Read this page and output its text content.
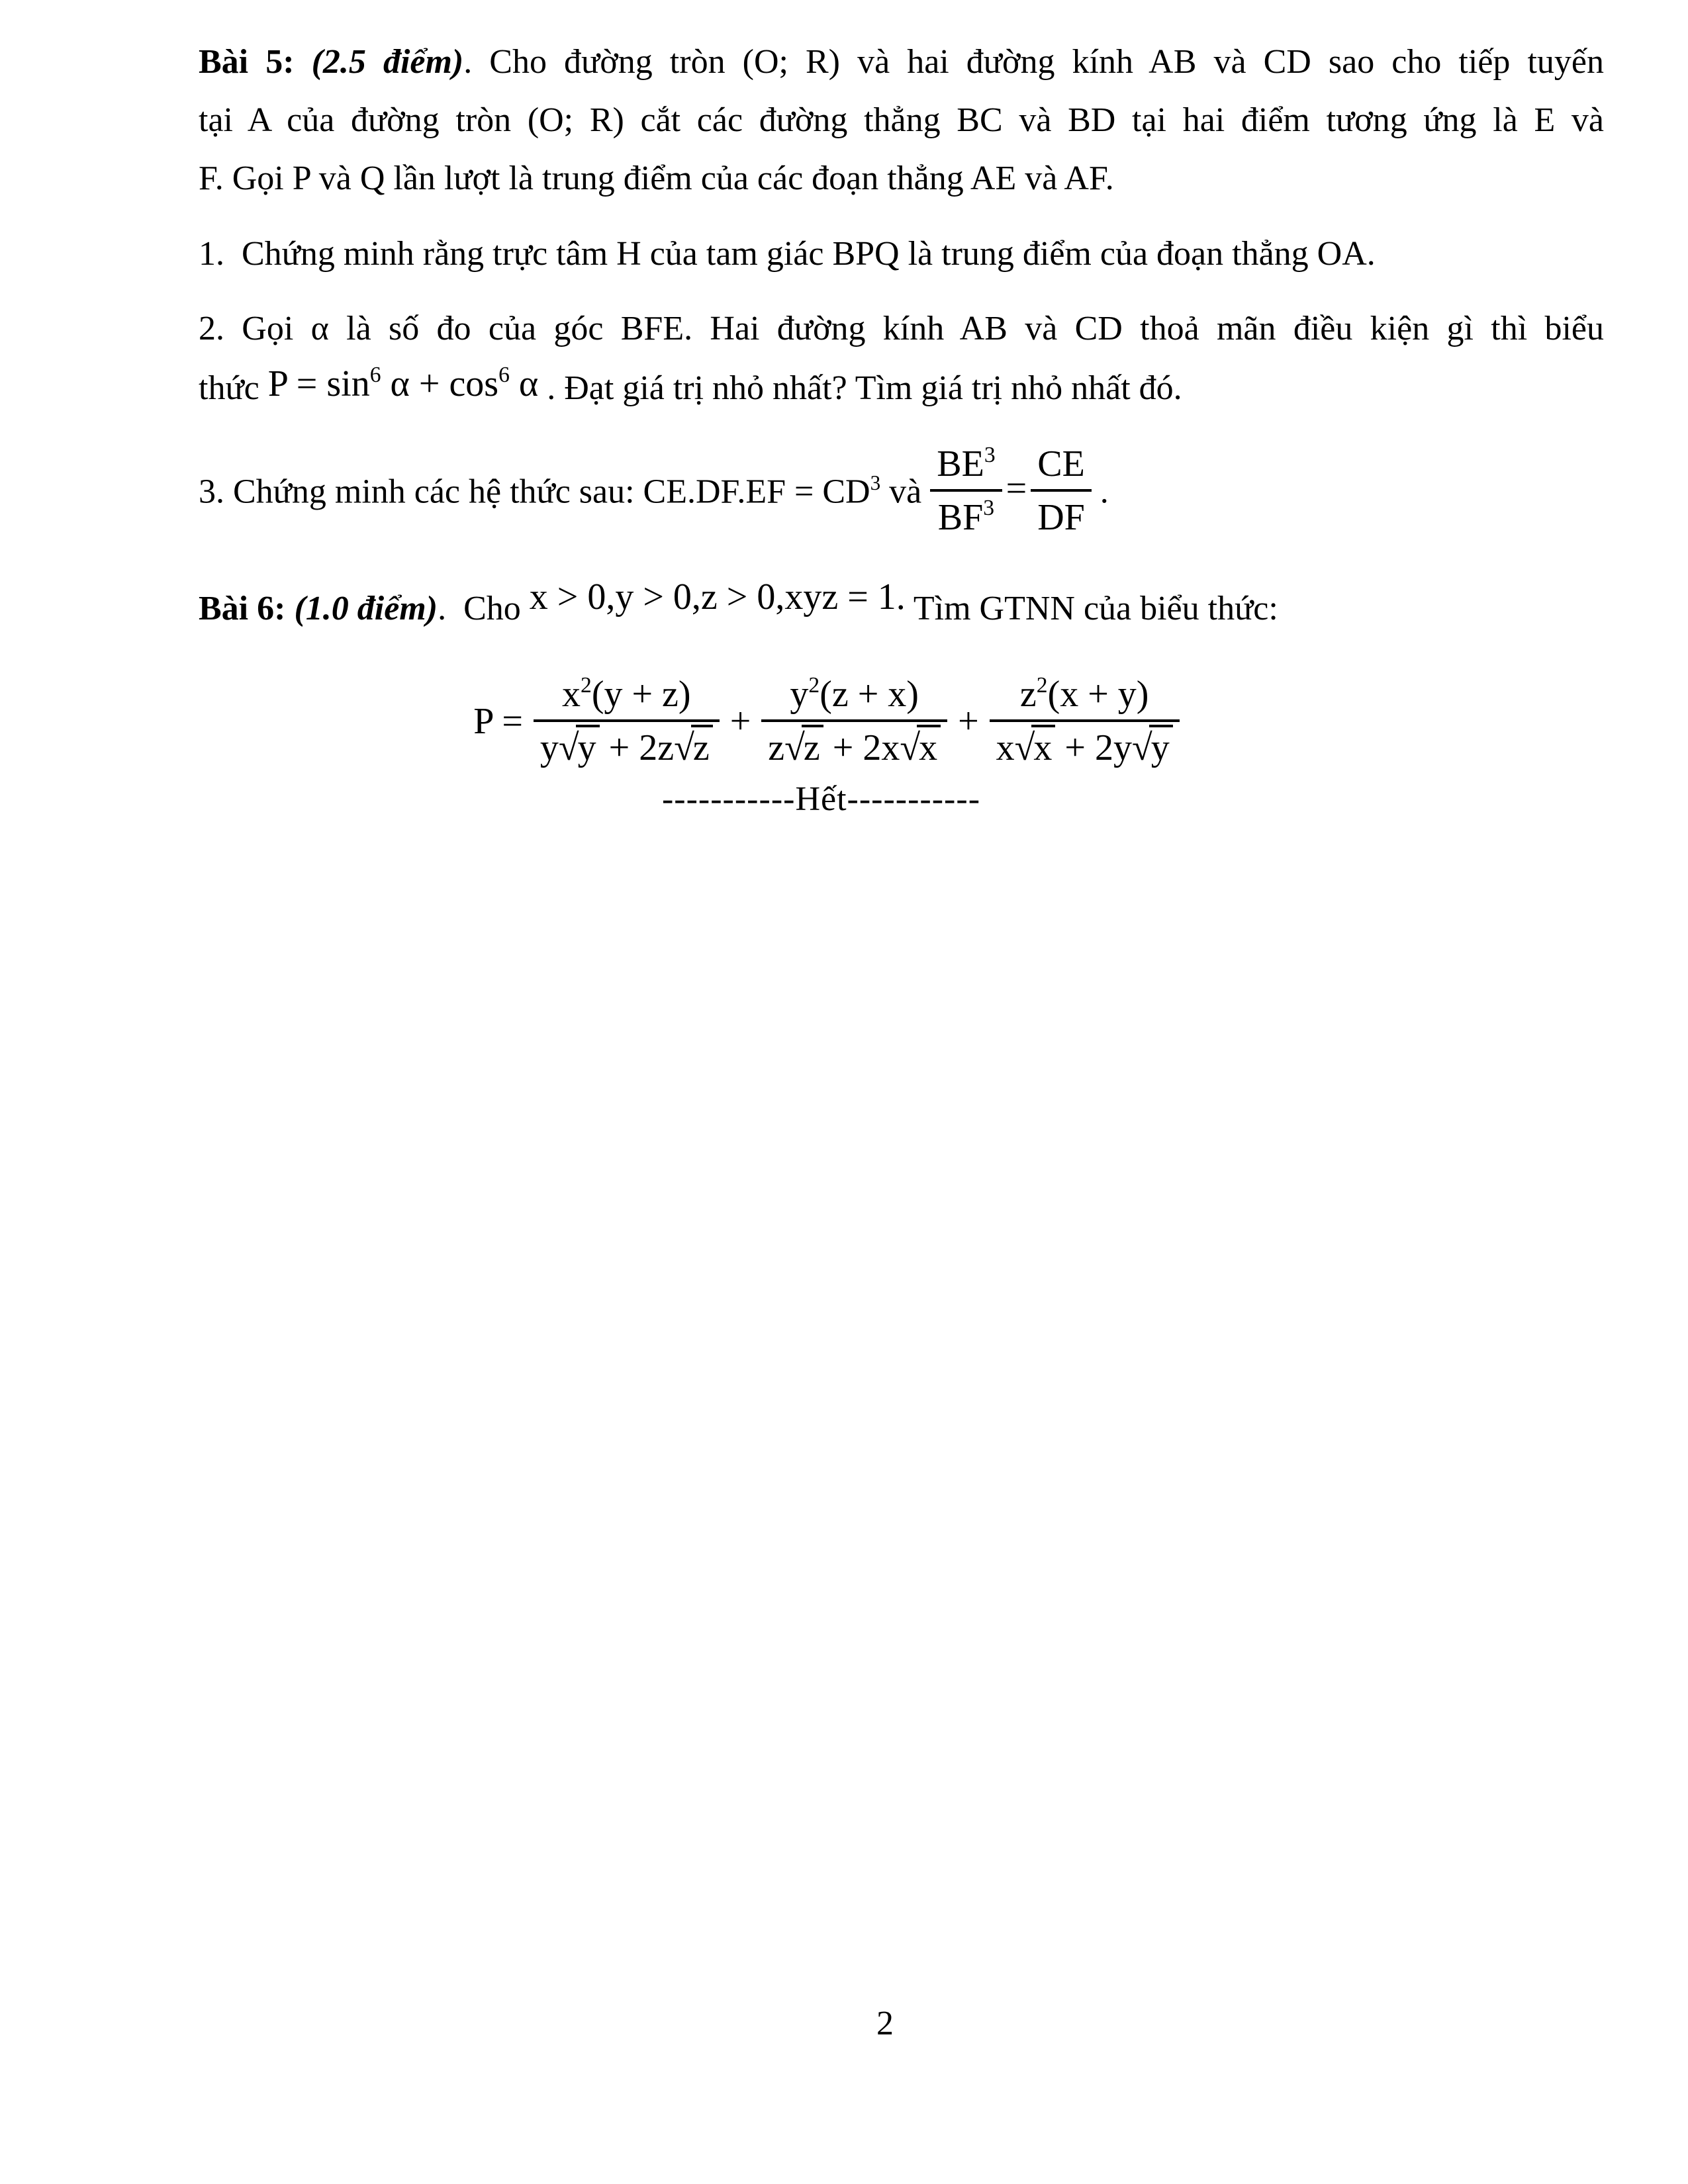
Bài 5: (2.5 điểm). Cho đường tròn (O; R) và hai đường kính AB và CD sao cho tiếp tuyến
tại A của đường tròn (O; R) cắt các đường thẳng BC và BD tại hai điểm tương ứng là E và
F. Gọi P và Q lần lượt là trung điểm của các đoạn thẳng AE và AF.
1.  Chứng minh rằng trực tâm H của tam giác BPQ là trung điểm của đoạn thẳng OA.
2. Gọi α là số đo của góc BFE. Hai đường kính AB và CD thoả mãn điều kiện gì thì biểu
thức $P = \sin^6 \alpha + \cos^6 \alpha$ . Đạt giá trị nhỏ nhất? Tìm giá trị nhỏ nhất đó.
3. Chứng minh các hệ thức sau: $CE.DF.EF = CD^3$ và $\frac{BE^3}{BF^3} = \frac{CE}{DF}$ .
Bài 6: (1.0 điểm).  Cho x > 0,y > 0,z > 0,xyz = 1. Tìm GTNN của biểu thức:
$P = \frac{x^2(y + z)}{y √ y + 2z √ z} + \frac{y^2(z + x)}{z √ z + 2x √ x} + \frac{z^2(x + y)}{x √ x + 2y √ y}$
-----------Hết-----------
2
